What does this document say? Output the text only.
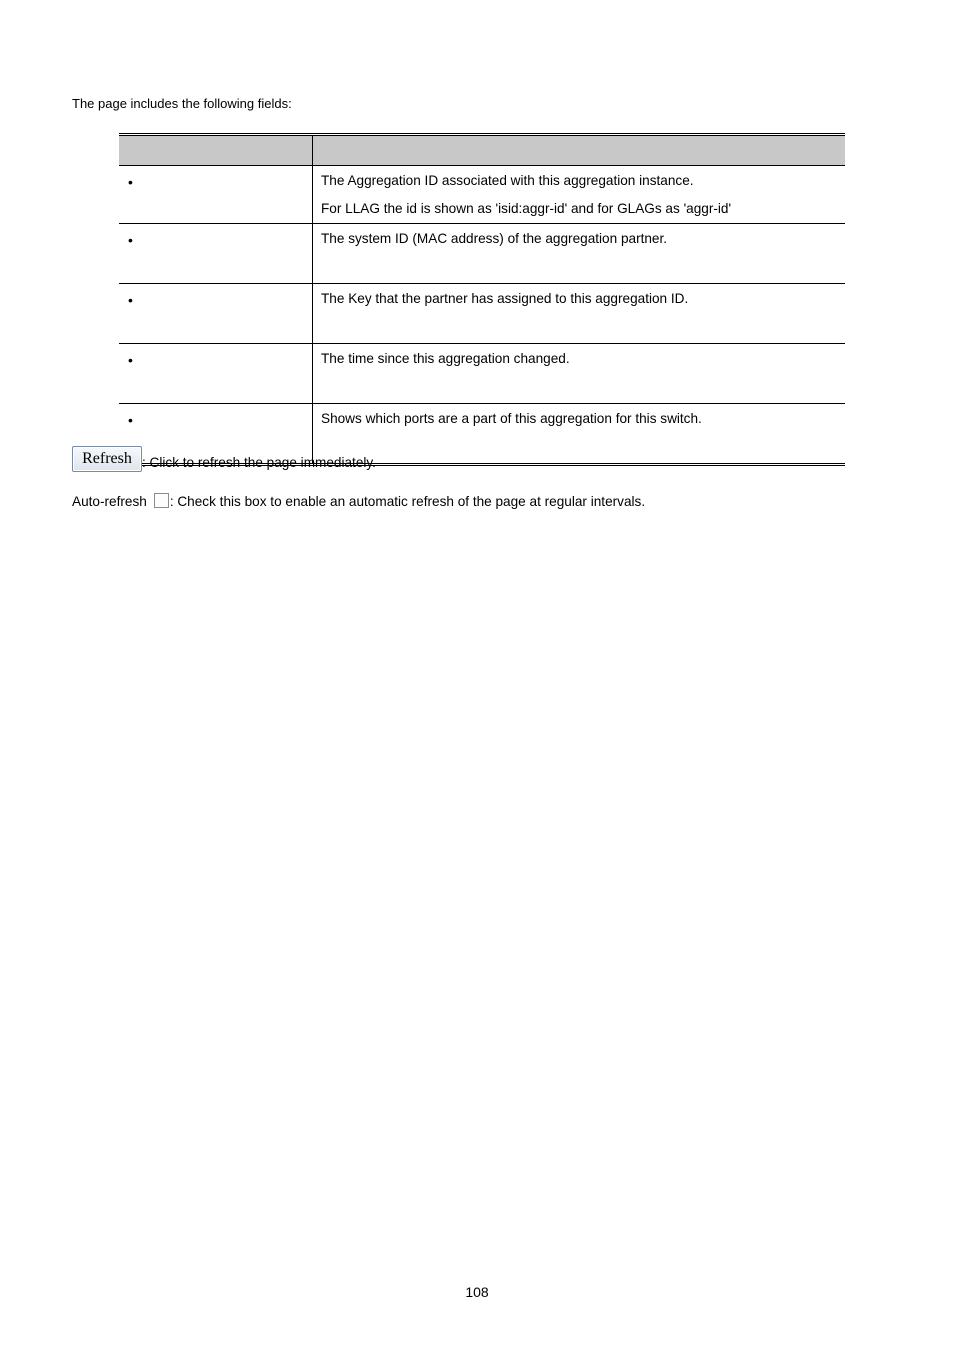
The page includes the following fields:

•	The Aggregation ID associated with this aggregation instance.
For LLAG the id is shown as 'isid:aggr-id' and for GLAGs as 'aggr-id'

•	The system ID (MAC address) of the aggregation partner.

•	The Key that the partner has assigned to this aggregation ID.

•	The time since this aggregation changed.

•	Shows which ports are a part of this aggregation for this switch.
Refresh : Click to refresh the page immediately.
Auto-refresh : Check this box to enable an automatic refresh of the page at regular intervals.
108
